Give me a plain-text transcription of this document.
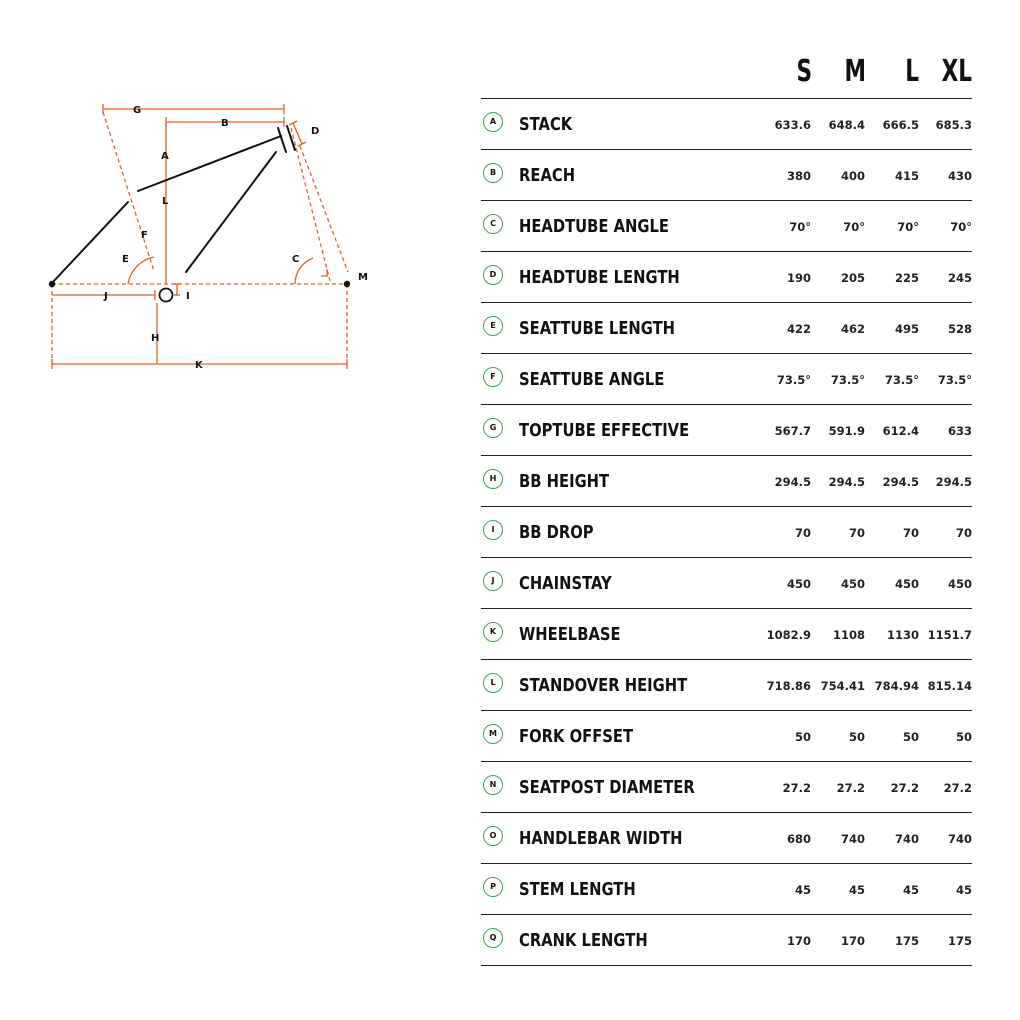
G
B
D
A
L
F
E	C
M
I
J
H
K
S	M	L XL
A	STACK	633.6	648.4	666.5	685.3
B	REACH	380	400	415	430
C	HEADTUBE ANGLE	70°	70°	70°	70°
D	HEADTUBE LENGTH	190	205	225	245
E	SEATTUBE LENGTH	422	462	495	528
F	SEATTUBE ANGLE	73.5°	73.5°	73.5°	73.5°
G	TOPTUBE EFFECTIVE	567.7	591.9	612.4	633
H	BB HEIGHT	294.5	294.5	294.5	294.5
I	BB DROP	70	70	70	70
J	CHAINSTAY	450	450	450	450
K	WHEELBASE	1082.9	1108	1130 1151.7
L	STANDOVER HEIGHT	718.86 754.41 784.94 815.14
M	FORK OFFSET	50	50	50	50
N	SEATPOST DIAMETER	27.2	27.2	27.2	27.2
O	HANDLEBAR WIDTH	680	740	740	740
P	STEM LENGTH	45	45	45	45
Q	CRANK LENGTH	170	170	175	175
